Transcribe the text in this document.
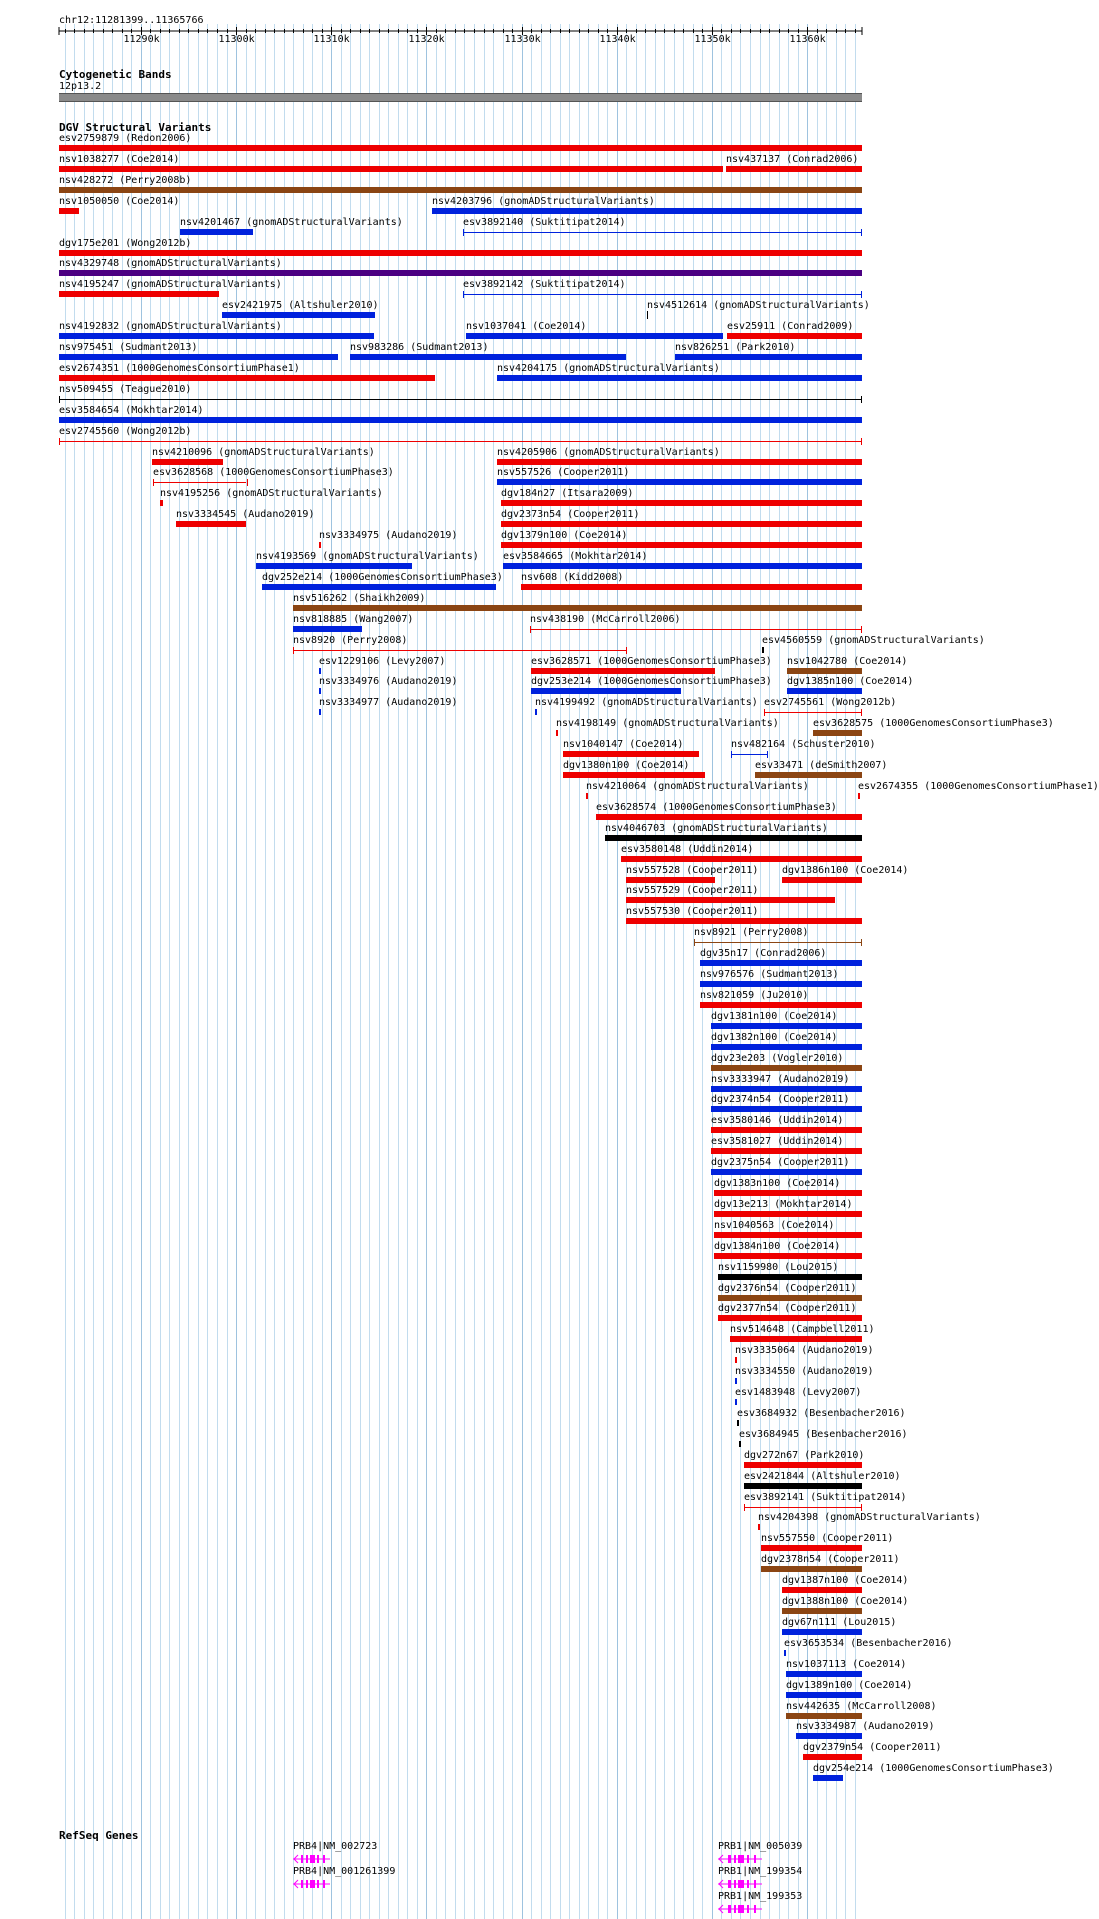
chr12:11281399..11365766
11290k	11300k	11310k	11320k	11330k	11340k	11350k	11360k
Cytogenetic Bands
12p13.2
DGV Structural Variants
esv2759879 (Redon2006)
nsv1038277 (Coe2014)	nsv437137 (Conrad2006)
nsv428272 (Perry2008b)
nsv1050050 (Coe2014)
nsv4201467 (gnomADStructuralVariants)
nsv4203796 (gnomADStructuralVariants)
dgv175e201 (Wong2012b)
nsv4329748 (gnomADStructuralVariants)
nsv4195247 (gnomADStructuralVariants)
esv2421975 (Altshuler2010)
esv3892140 (Suktitipat2014)
nsv4192832 (gnomADStructuralVariants)
esv3892142 (Suktitipat2014)
nsv975451 (Sudmant2013)	nsv983286 (Sudmant2013)
nsv4512614 (gnomADStructuralVariants)
esv2674351 (1000GenomesConsortiumPhase1)
nsv1037041 (Coe2014)	esv25911 (Conrad2009)
nsv509455 (Teague2010)
esv3584654 (Mokhtar2014)
esv2745560 (Wong2012b)
nsv4210096 (gnomADStructuralVariants)
nsv4204175 (gnomADStructuralVariants)
esv3628568 (1000GenomesConsortiumPhase3)
nsv4205906 (gnomADStructuralVariants)
nsv4195256 (gnomADStructuralVariants)
nsv557526 (Cooper2011)
nsv3334545 (Audano2019)
nsv3334975 (Audano2019)
dgv184n27 (Itsara2009)
nsv4193569 (gnomADStructuralVariants)
dgv2373n54 (Cooper2011)
dgv252e214 (1000GenomesConsortiumPhase3)
dgv1379n100 (Coe2014)
nsv516262 (Shaikh2009)
nsv818885 (Wang2007)
esv3584665 (Mokhtar2014)
nsv826251 (Park2010)
nsv8920 (Perry2008)
esv1229106 (Levy2007)
nsv608 (Kidd2008)
nsv3334976 (Audano2019)
nsv438190 (McCarroll2006)
nsv3334977 (Audano2019)
esv3628571 (1000GenomesConsortiumPhase3)
esv4560559 (gnomADStructuralVariants)
dgv253e214 (1000GenomesConsortiumPhase3)
nsv1042780 (Coe2014)
nsv4199492 (gnomADStructuralVariants) esv2745561 (Wong2012b)
nsv4198149 (gnomADStructuralVariants)
dgv1385n100 (Coe2014)
nsv1040147 (Coe2014)	nsv482164 (Schuster2010)
dgv1380n100 (Coe2014)
nsv4210064 (gnomADStructuralVariants)
esv3628575 (1000GenomesConsortiumPhase3)
esv3628574 (1000GenomesConsortiumPhase3)
nsv4046703 (gnomADStructuralVariants)
esv3580148 (Uddin2014)
nsv557528 (Cooper2011)
esv33471 (deSmith2007)
nsv557529 (Cooper2011)
esv2674355 (1000GenomesConsortiumPhase1)
nsv557530 (Cooper2011)
nsv8921 (Perry2008)
dgv35n17 (Conrad2006)
nsv976576 (Sudmant2013)
nsv821059 (Ju2010)
dgv1381n100 (Coe2014)
dgv1382n100 (Coe2014)
dgv23e203 (Vogler2010)
nsv3333947 (Audano2019)
dgv2374n54 (Cooper2011)
esv3580146 (Uddin2014)
esv3581027 (Uddin2014)
dgv2375n54 (Cooper2011)
dgv1383n100 (Coe2014)
dgv13e213 (Mokhtar2014)
nsv1040563 (Coe2014)
dgv1384n100 (Coe2014)
nsv1159980 (Lou2015)
dgv2376n54 (Cooper2011)
dgv2377n54 (Cooper2011)
nsv514648 (Campbell2011)
nsv3335064 (Audano2019)
nsv3334550 (Audano2019)
esv1483948 (Levy2007)
esv3684932 (Besenbacher2016)
esv3684945 (Besenbacher2016)
dgv272n67 (Park2010)
esv2421844 (Altshuler2010)
esv3892141 (Suktitipat2014)
nsv4204398 (gnomADStructuralVariants)
nsv557550 (Cooper2011)
dgv2378n54 (Cooper2011)
dgv1386n100 (Coe2014)
dgv1387n100 (Coe2014)
dgv1388n100 (Coe2014)
dgv67n111 (Lou2015)
esv3653534 (Besenbacher2016)
nsv1037113 (Coe2014)
dgv1389n100 (Coe2014)
nsv442635 (McCarroll2008)
nsv3334987 (Audano2019)
dgv2379n54 (Cooper2011)
dgv254e214 (1000GenomesConsortiumPhase3)
RefSeq Genes
PRB4|NM_002723
PRB4|NM_001261399
PRB1|NM_005039
PRB1|NM_199354
PRB1|NM_199353
